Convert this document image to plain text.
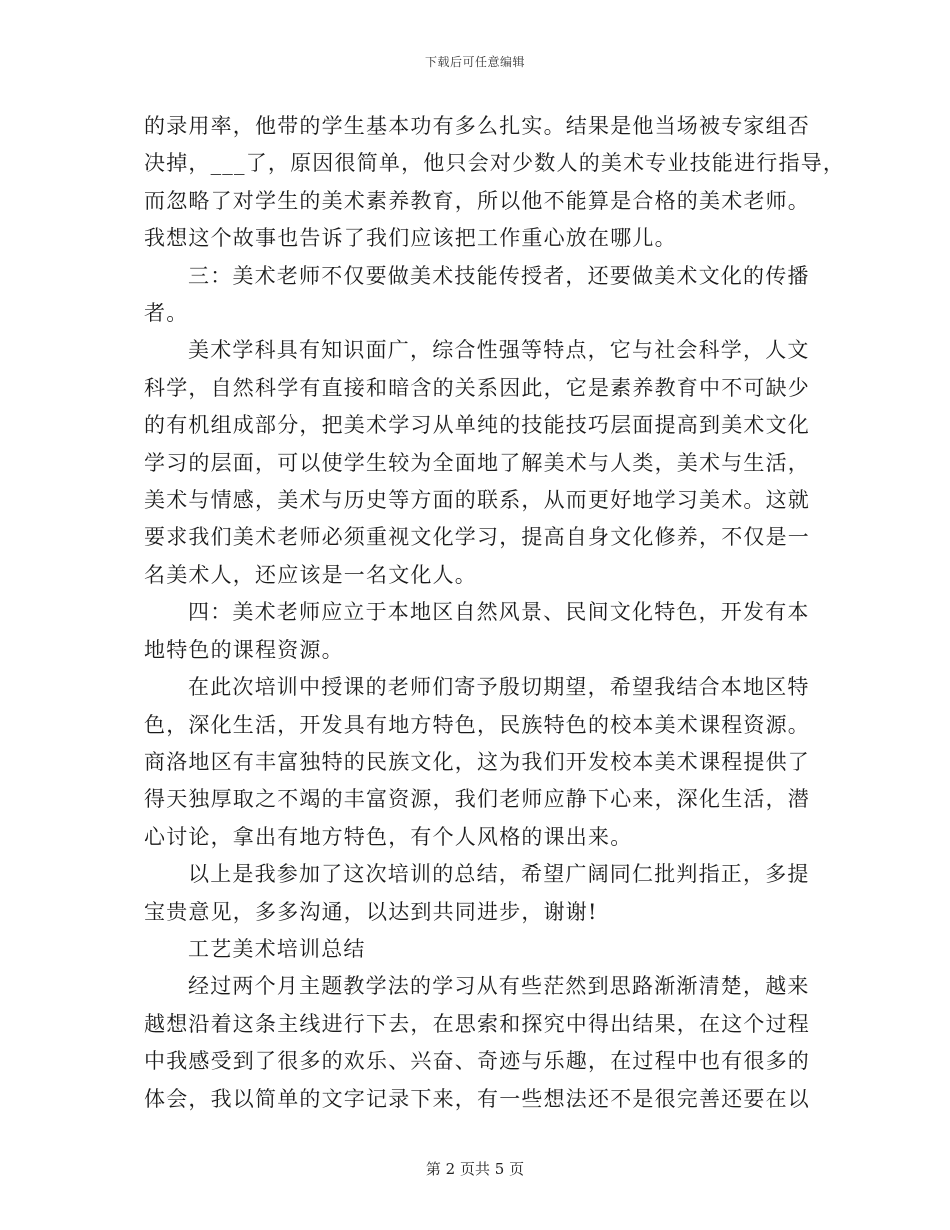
下载后可任意编辑

的录用率，他带的学生基本功有多么扎实。结果是他当场被专家组否
决掉，___了，原因很简单，他只会对少数人的美术专业技能进行指导，
而忽略了对学生的美术素养教育，所以他不能算是合格的美术老师。
我想这个故事也告诉了我们应该把工作重心放在哪儿。

三：美术老师不仅要做美术技能传授者，还要做美术文化的传播
者。

美术学科具有知识面广，综合性强等特点，它与社会科学，人文
科学，自然科学有直接和暗含的关系因此，它是素养教育中不可缺少
的有机组成部分，把美术学习从单纯的技能技巧层面提高到美术文化
学习的层面，可以使学生较为全面地了解美术与人类，美术与生活，
美术与情感，美术与历史等方面的联系，从而更好地学习美术。这就
要求我们美术老师必须重视文化学习，提高自身文化修养，不仅是一
名美术人，还应该是一名文化人。

四：美术老师应立于本地区自然风景、民间文化特色，开发有本
地特色的课程资源。

在此次培训中授课的老师们寄予殷切期望，希望我结合本地区特
色，深化生活，开发具有地方特色，民族特色的校本美术课程资源。
商洛地区有丰富独特的民族文化，这为我们开发校本美术课程提供了
得天独厚取之不竭的丰富资源，我们老师应静下心来，深化生活，潜
心讨论，拿出有地方特色，有个人风格的课出来。

以上是我参加了这次培训的总结，希望广阔同仁批判指正，多提
宝贵意见，多多沟通，以达到共同进步，谢谢!

工艺美术培训总结

经过两个月主题教学法的学习从有些茫然到思路渐渐清楚，越来
越想沿着这条主线进行下去，在思索和探究中得出结果，在这个过程
中我感受到了很多的欢乐、兴奋、奇迹与乐趣，在过程中也有很多的
体会，我以简单的文字记录下来，有一些想法还不是很完善还要在以

第 2 页共 5 页
